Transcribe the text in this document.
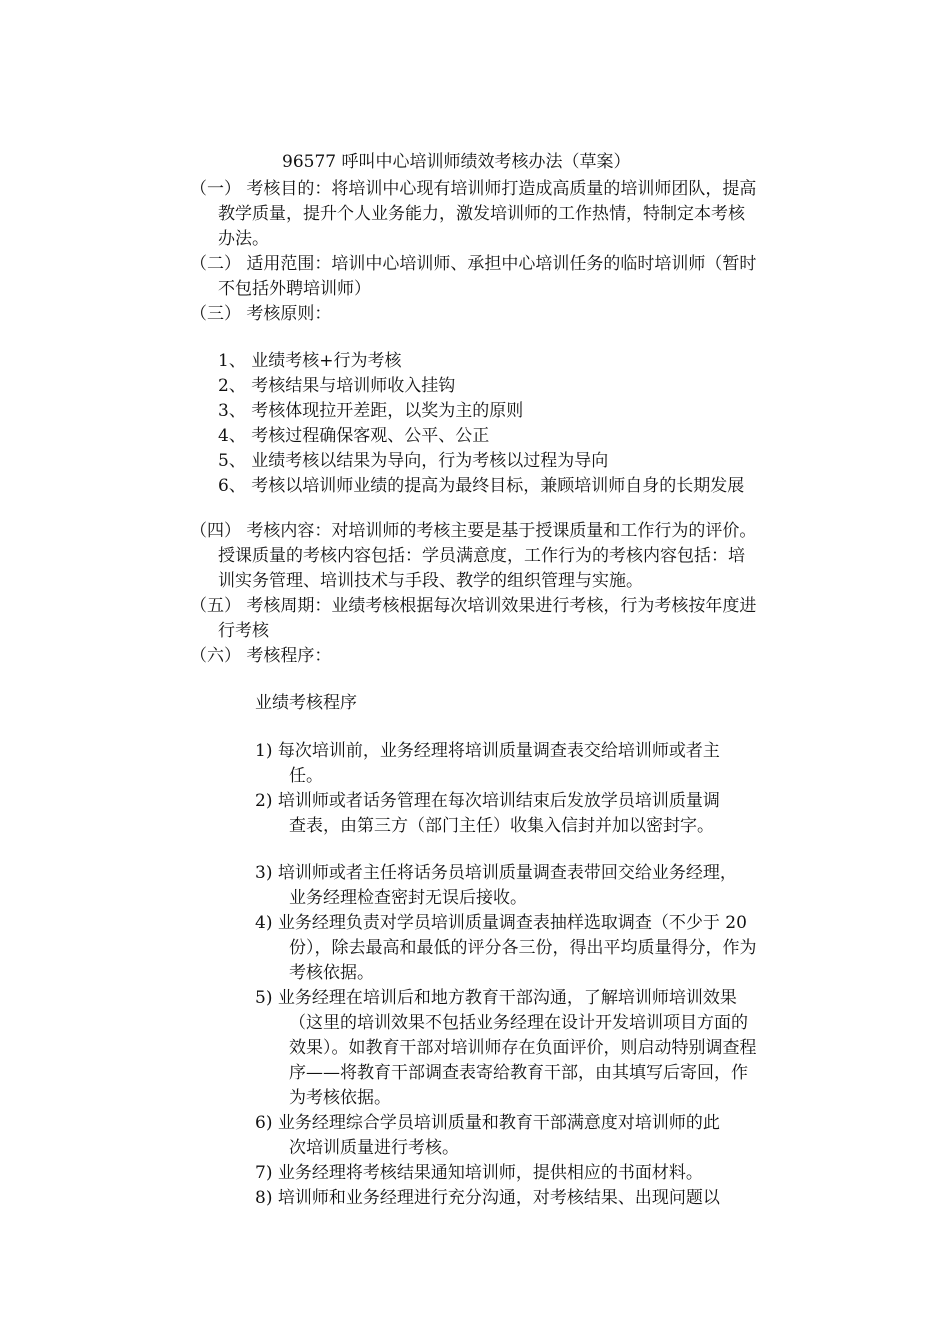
96577 呼叫中心培训师绩效考核办法（草案）
（一） 考核目的：将培训中心现有培训师打造成高质量的培训师团队，提高
教学质量，提升个人业务能力，激发培训师的工作热情，特制定本考核
办法。
（二） 适用范围：培训中心培训师、承担中心培训任务的临时培训师（暂时
不包括外聘培训师）
（三） 考核原则：
1、 业绩考核+行为考核
2、 考核结果与培训师收入挂钩
3、 考核体现拉开差距，以奖为主的原则
4、 考核过程确保客观、公平、公正
5、 业绩考核以结果为导向，行为考核以过程为导向
6、 考核以培训师业绩的提高为最终目标，兼顾培训师自身的长期发展
（四） 考核内容：对培训师的考核主要是基于授课质量和工作行为的评价。
授课质量的考核内容包括：学员满意度，工作行为的考核内容包括：培
训实务管理、培训技术与手段、教学的组织管理与实施。
（五） 考核周期：业绩考核根据每次培训效果进行考核，行为考核按年度进
行考核
（六） 考核程序：
业绩考核程序
1) 每次培训前，业务经理将培训质量调查表交给培训师或者主
任。
2) 培训师或者话务管理在每次培训结束后发放学员培训质量调
查表，由第三方（部门主任）收集入信封并加以密封字。
3) 培训师或者主任将话务员培训质量调查表带回交给业务经理，
业务经理检查密封无误后接收。
4) 业务经理负责对学员培训质量调查表抽样选取调查（不少于 20
份），除去最高和最低的评分各三份，得出平均质量得分，作为
考核依据。
5) 业务经理在培训后和地方教育干部沟通，了解培训师培训效果
（这里的培训效果不包括业务经理在设计开发培训项目方面的
效果）。如教育干部对培训师存在负面评价，则启动特别调查程
序——将教育干部调查表寄给教育干部，由其填写后寄回，作
为考核依据。
6) 业务经理综合学员培训质量和教育干部满意度对培训师的此
次培训质量进行考核。
7) 业务经理将考核结果通知培训师，提供相应的书面材料。
8) 培训师和业务经理进行充分沟通，对考核结果、出现问题以
